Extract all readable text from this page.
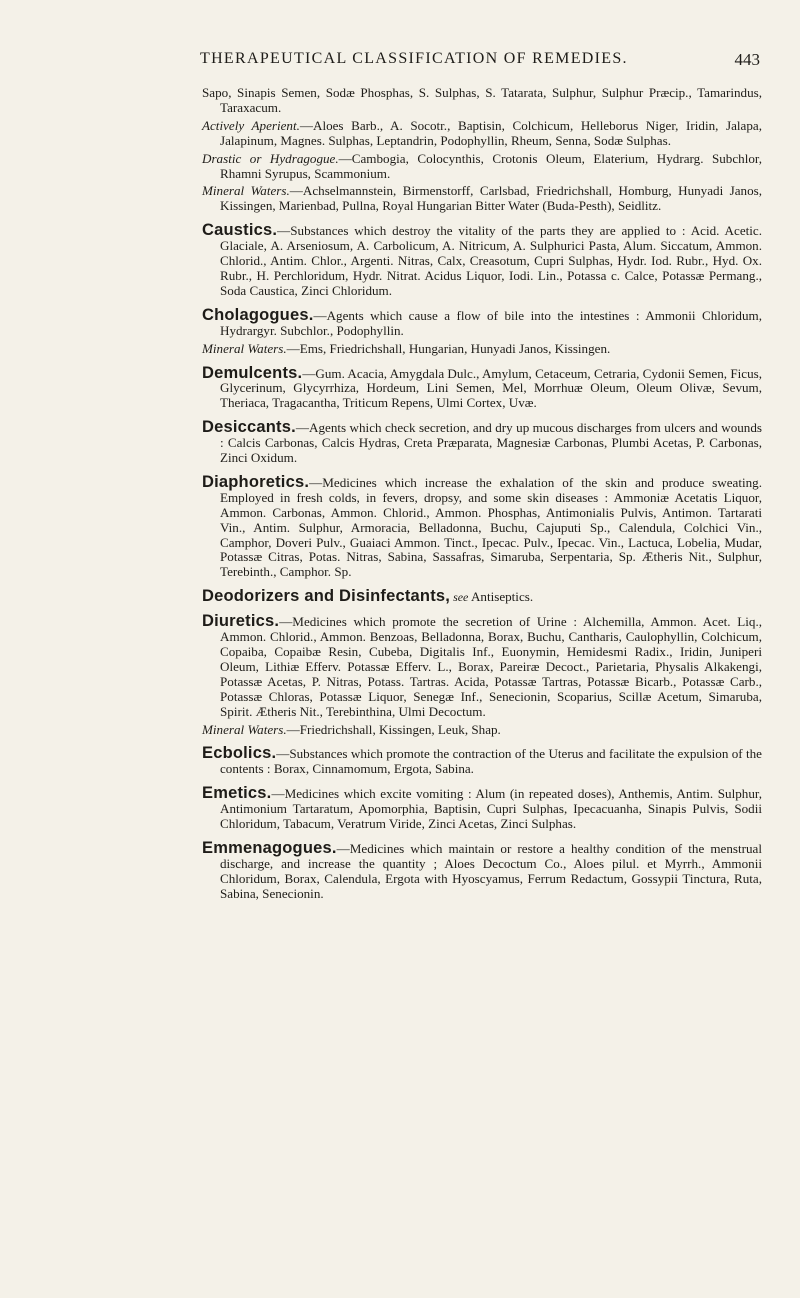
THERAPEUTICAL CLASSIFICATION OF REMEDIES.	443

Sapo, Sinapis Semen, Sodæ Phosphas, S. Sulphas, S. Tatarata, Sulphur, Sulphur Præcip., Tamarindus, Taraxacum.

Actively Aperient.—Aloes Barb., A. Socotr., Baptisin, Colchicum, Helleborus Niger, Iridin, Jalapa, Jalapinum, Magnes. Sulphas, Leptandrin, Podophyllin, Rheum, Senna, Sodæ Sulphas.

Drastic or Hydragogue.—Cambogia, Colocynthis, Crotonis Oleum, Elaterium, Hydrarg. Subchlor, Rhamni Syrupus, Scammonium.

Mineral Waters.—Achselmannstein, Birmenstorff, Carlsbad, Friedrichshall, Homburg, Hunyadi Janos, Kissingen, Marienbad, Pullna, Royal Hungarian Bitter Water (Buda-Pesth), Seidlitz.

Caustics.—Substances which destroy the vitality of the parts they are applied to : Acid. Acetic. Glaciale, A. Arseniosum, A. Carbolicum, A. Nitricum, A. Sulphurici Pasta, Alum. Siccatum, Ammon. Chlorid., Antim. Chlor., Argenti. Nitras, Calx, Creasotum, Cupri Sulphas, Hydr. Iod. Rubr., Hyd. Ox. Rubr., H. Perchloridum, Hydr. Nitrat. Acidus Liquor, Iodi. Lin., Potassa c. Calce, Potassæ Permang., Soda Caustica, Zinci Chloridum.

Cholagogues.—Agents which cause a flow of bile into the intestines : Ammonii Chloridum, Hydrargyr. Subchlor., Podophyllin.

Mineral Waters.—Ems, Friedrichshall, Hungarian, Hunyadi Janos, Kissingen.

Demulcents.—Gum. Acacia, Amygdala Dulc., Amylum, Cetaceum, Cetraria, Cydonii Semen, Ficus, Glycerinum, Glycyrrhiza, Hordeum, Lini Semen, Mel, Morrhuæ Oleum, Oleum Olivæ, Sevum, Theriaca, Tragacantha, Triticum Repens, Ulmi Cortex, Uvæ.

Desiccants.—Agents which check secretion, and dry up mucous discharges from ulcers and wounds : Calcis Carbonas, Calcis Hydras, Creta Præparata, Magnesiæ Carbonas, Plumbi Acetas, P. Carbonas, Zinci Oxidum.

Diaphoretics.—Medicines which increase the exhalation of the skin and produce sweating. Employed in fresh colds, in fevers, dropsy, and some skin diseases : Ammoniæ Acetatis Liquor, Ammon. Carbonas, Ammon. Chlorid., Ammon. Phosphas, Antimonialis Pulvis, Antimon. Tartarati Vin., Antim. Sulphur, Armoracia, Belladonna, Buchu, Cajuputi Sp., Calendula, Colchici Vin., Camphor, Doveri Pulv., Guaiaci Ammon. Tinct., Ipecac. Pulv., Ipecac. Vin., Lactuca, Lobelia, Mudar, Potassæ Citras, Potas. Nitras, Sabina, Sassafras, Simaruba, Serpentaria, Sp. Ætheris Nit., Sulphur, Terebinth., Camphor. Sp.

Deodorizers and Disinfectants, see Antiseptics.

Diuretics.—Medicines which promote the secretion of Urine : Alchemilla, Ammon. Acet. Liq., Ammon. Chlorid., Ammon. Benzoas, Belladonna, Borax, Buchu, Cantharis, Caulophyllin, Colchicum, Copaiba, Copaibæ Resin, Cubeba, Digitalis Inf., Euonymin, Hemidesmi Radix., Iridin, Juniperi Oleum, Lithiæ Efferv. Potassæ Efferv. L., Borax, Pareiræ Decoct., Parietaria, Physalis Alkakengi, Potassæ Acetas, P. Nitras, Potass. Tartras. Acida, Potassæ Tartras, Potassæ Bicarb., Potassæ Carb., Potassæ Chloras, Potassæ Liquor, Senegæ Inf., Senecionin, Scoparius, Scillæ Acetum, Simaruba, Spirit. Ætheris Nit., Terebinthina, Ulmi Decoctum.

Mineral Waters.—Friedrichshall, Kissingen, Leuk, Shap.

Ecbolics.—Substances which promote the contraction of the Uterus and facilitate the expulsion of the contents : Borax, Cinnamomum, Ergota, Sabina.

Emetics.—Medicines which excite vomiting : Alum (in repeated doses), Anthemis, Antim. Sulphur, Antimonium Tartaratum, Apomorphia, Baptisin, Cupri Sulphas, Ipecacuanha, Sinapis Pulvis, Sodii Chloridum, Tabacum, Veratrum Viride, Zinci Acetas, Zinci Sulphas.

Emmenagogues.—Medicines which maintain or restore a healthy condition of the menstrual discharge, and increase the quantity ; Aloes Decoctum Co., Aloes pilul. et Myrrh., Ammonii Chloridum, Borax, Calendula, Ergota with Hyoscyamus, Ferrum Redactum, Gossypii Tinctura, Ruta, Sabina, Senecionin.
